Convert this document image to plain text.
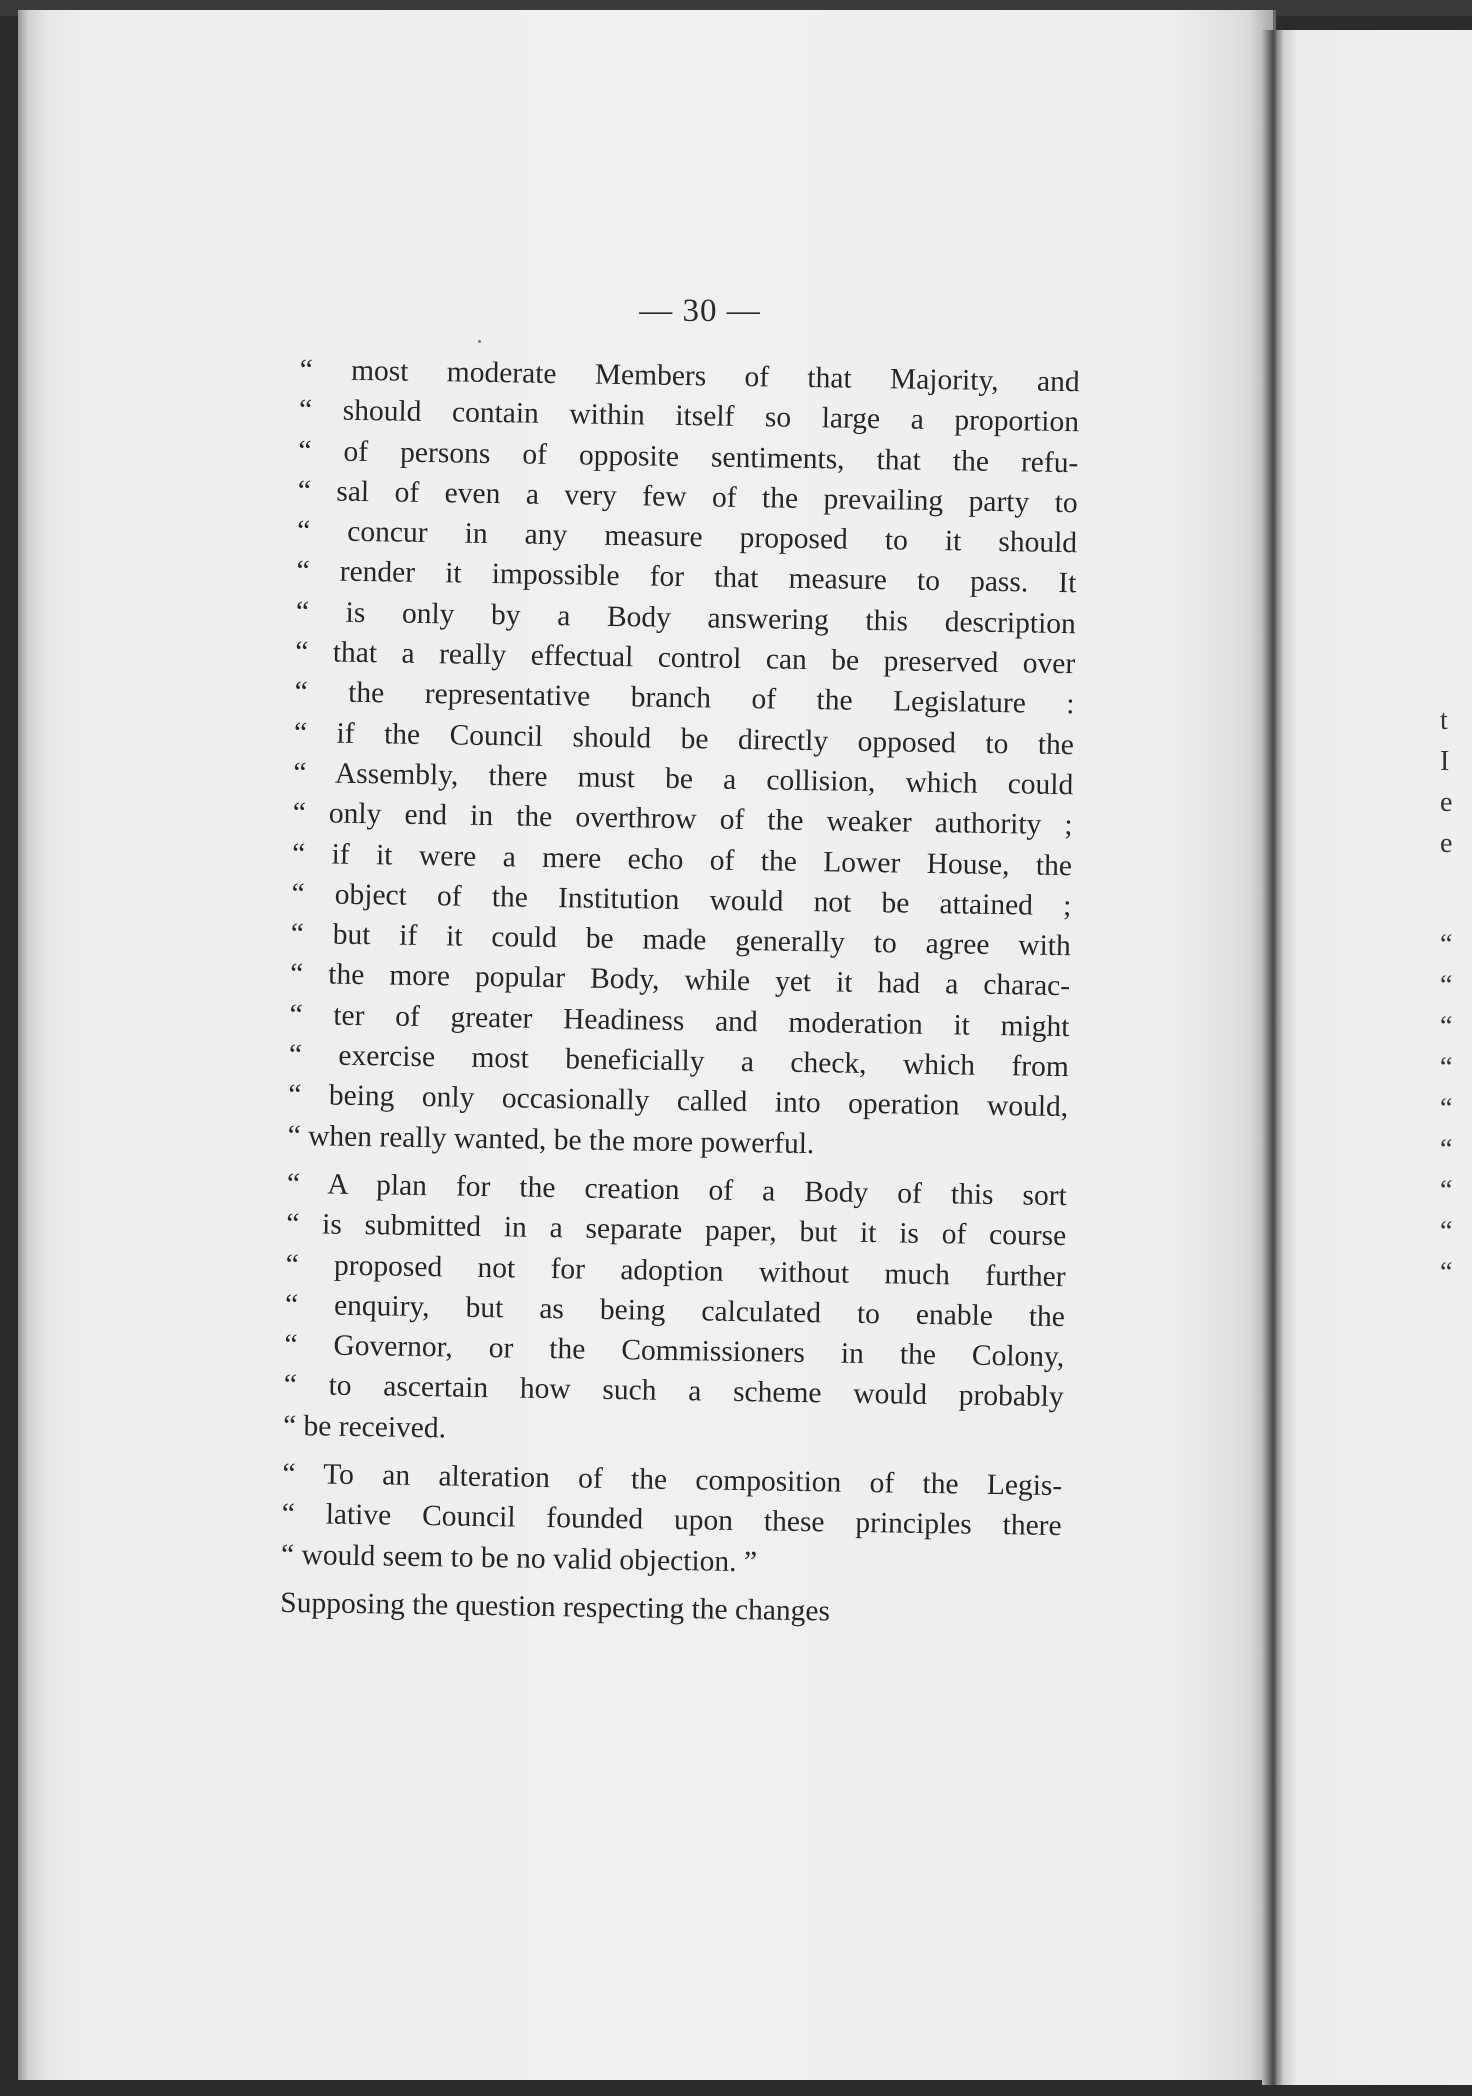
— 30 —
“ most moderate Members of that Majority, and
“ should contain within itself so large a proportion
“ of persons of opposite sentiments, that the refu-
“ sal of even a very few of the prevailing party to
“ concur in any measure proposed to it should
“ render it impossible for that measure to pass. It
“ is only by a Body answering this description
“ that a really effectual control can be preserved over
“ the representative branch of the Legislature :
“ if the Council should be directly opposed to the
“ Assembly, there must be a collision, which could
“ only end in the overthrow of the weaker authority ;
“ if it were a mere echo of the Lower House, the
“ object of the Institution would not be attained ;
“ but if it could be made generally to agree with
“ the more popular Body, while yet it had a charac-
“ ter of greater Headiness and moderation it might
“ exercise most beneficially a check, which from
“ being only occasionally called into operation would,
“ when really wanted, be the more powerful.
“ A plan for the creation of a Body of this sort
“ is submitted in a separate paper, but it is of course
“ proposed not for adoption without much further
“ enquiry, but as being calculated to enable the
“ Governor, or the Commissioners in the Colony,
“ to ascertain how such a scheme would probably
“ be received.
“ To an alteration of the composition of the Legis-
“ lative Council founded upon these principles there
“ would seem to be no valid objection. ”
Supposing the question respecting the changes
t
I
e
e
“
“
“
“
“
“
“
“
“
